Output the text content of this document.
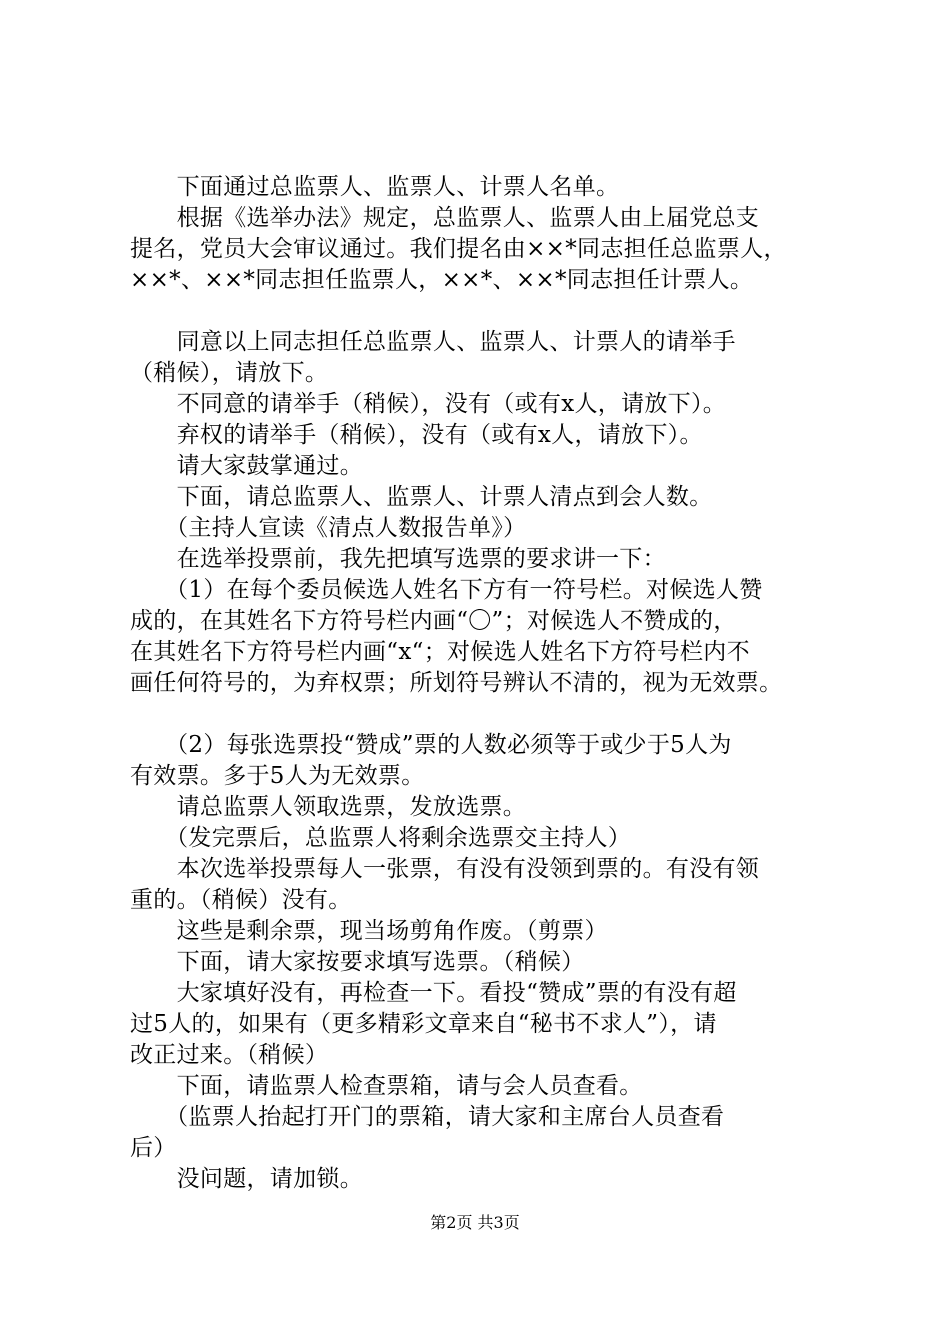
　　下面通过总监票人、监票人、计票人名单。
　　根据《选举办法》规定，总监票人、监票人由上届党总支
提名，党员大会审议通过。我们提名由××*同志担任总监票人，
××*、××*同志担任监票人，××*、××*同志担任计票人。
　　同意以上同志担任总监票人、监票人、计票人的请举手
（稍候），请放下。
　　不同意的请举手（稍候），没有（或有x人，请放下）。
　　弃权的请举手（稍候），没有（或有x人，请放下）。
　　请大家鼓掌通过。
　　下面，请总监票人、监票人、计票人清点到会人数。
　　（主持人宣读《清点人数报告单》）
　　在选举投票前，我先把填写选票的要求讲一下：
　　（1）在每个委员候选人姓名下方有一符号栏。对候选人赞
成的，在其姓名下方符号栏内画“〇”；对候选人不赞成的，
在其姓名下方符号栏内画“x“；对候选人姓名下方符号栏内不
画任何符号的，为弃权票；所划符号辨认不清的，视为无效票。
　　（2）每张选票投“赞成”票的人数必须等于或少于5人为
有效票。多于5人为无效票。
　　请总监票人领取选票，发放选票。
　　（发完票后，总监票人将剩余选票交主持人）
　　本次选举投票每人一张票，有没有没领到票的。有没有领
重的。（稍候）没有。
　　这些是剩余票，现当场剪角作废。（剪票）
　　下面，请大家按要求填写选票。（稍候）
　　大家填好没有，再检查一下。看投“赞成”票的有没有超
过5人的，如果有（更多精彩文章来自“秘书不求人”），请
改正过来。（稍候）
　　下面，请监票人检查票箱，请与会人员查看。
　　（监票人抬起打开门的票箱，请大家和主席台人员查看
后）
　　没问题，请加锁。
第2页 共3页
